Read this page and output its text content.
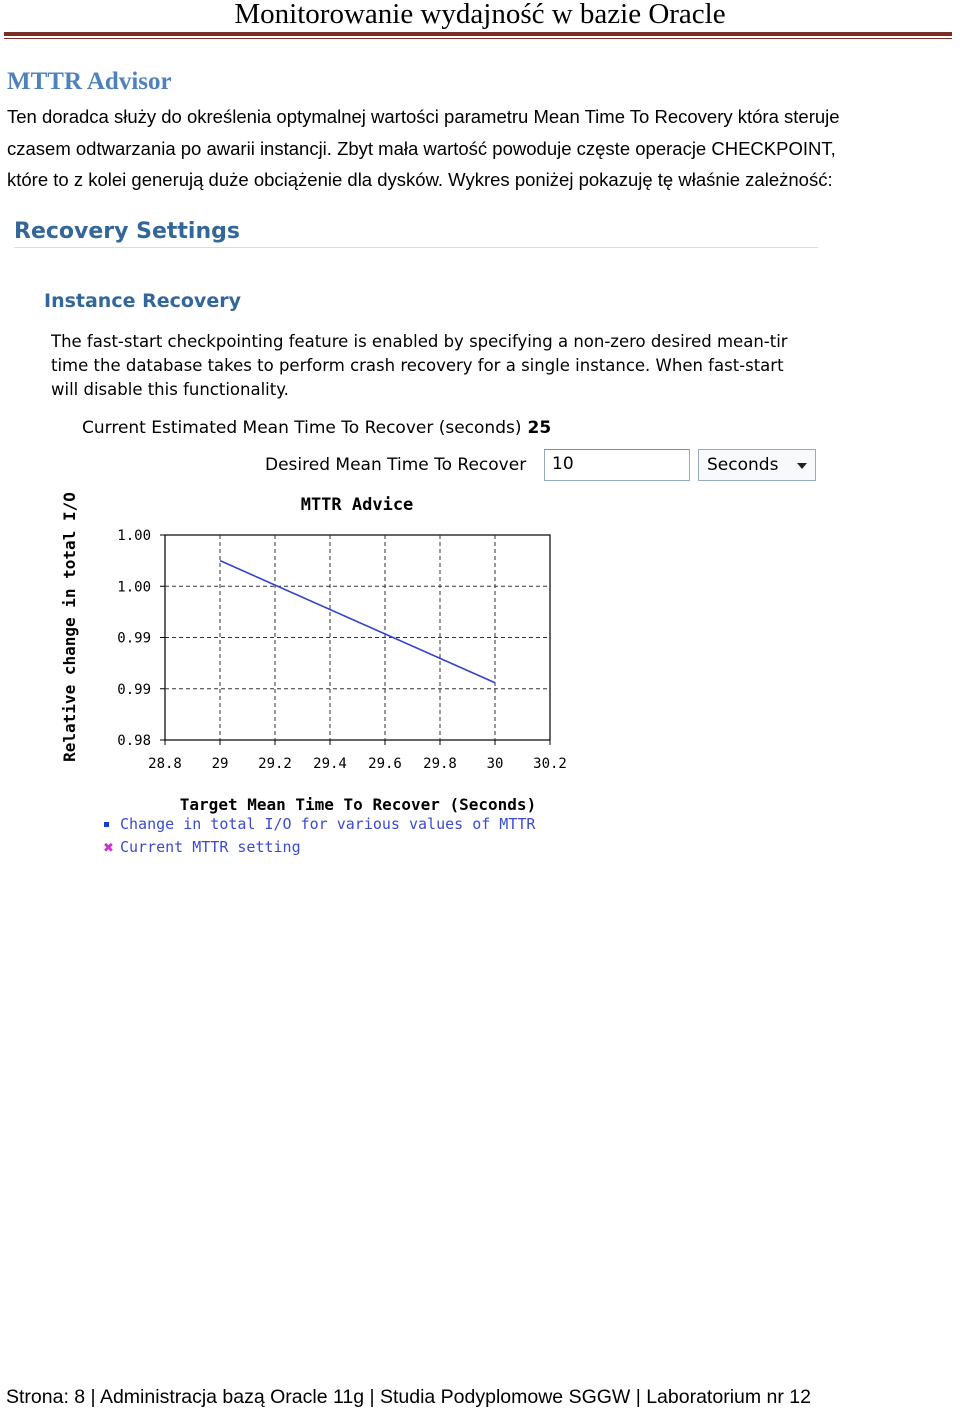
Monitorowanie wydajność w bazie Oracle
MTTR Advisor
Ten doradca służy do określenia optymalnej wartości parametru Mean Time To Recovery która steruje
czasem odtwarzania po awarii instancji. Zbyt mała wartość powoduje częste operacje CHECKPOINT,
które to z kolei generują duże obciążenie dla dysków. Wykres poniżej pokazuję tę właśnie zależność:
Recovery Settings
Instance Recovery
The fast-start checkpointing feature is enabled by specifying a non-zero desired mean-tir
time the database takes to perform crash recovery for a single instance. When fast-start
will disable this functionality.
Current Estimated Mean Time To Recover (seconds) 25
Desired Mean Time To Recover	10	Seconds
MTTR Advice
Relative change in total I/O
Target Mean Time To Recover (Seconds)
28.8 29 29.2 29.4 29.6 29.8 30 30.2
1.00
1.00
0.99
0.99
0.98
Change in total I/O for various values of MTTR
✖ Current MTTR setting
Strona: 8 | Administracja bazą Oracle 11g | Studia Podyplomowe SGGW | Laboratorium nr 12
